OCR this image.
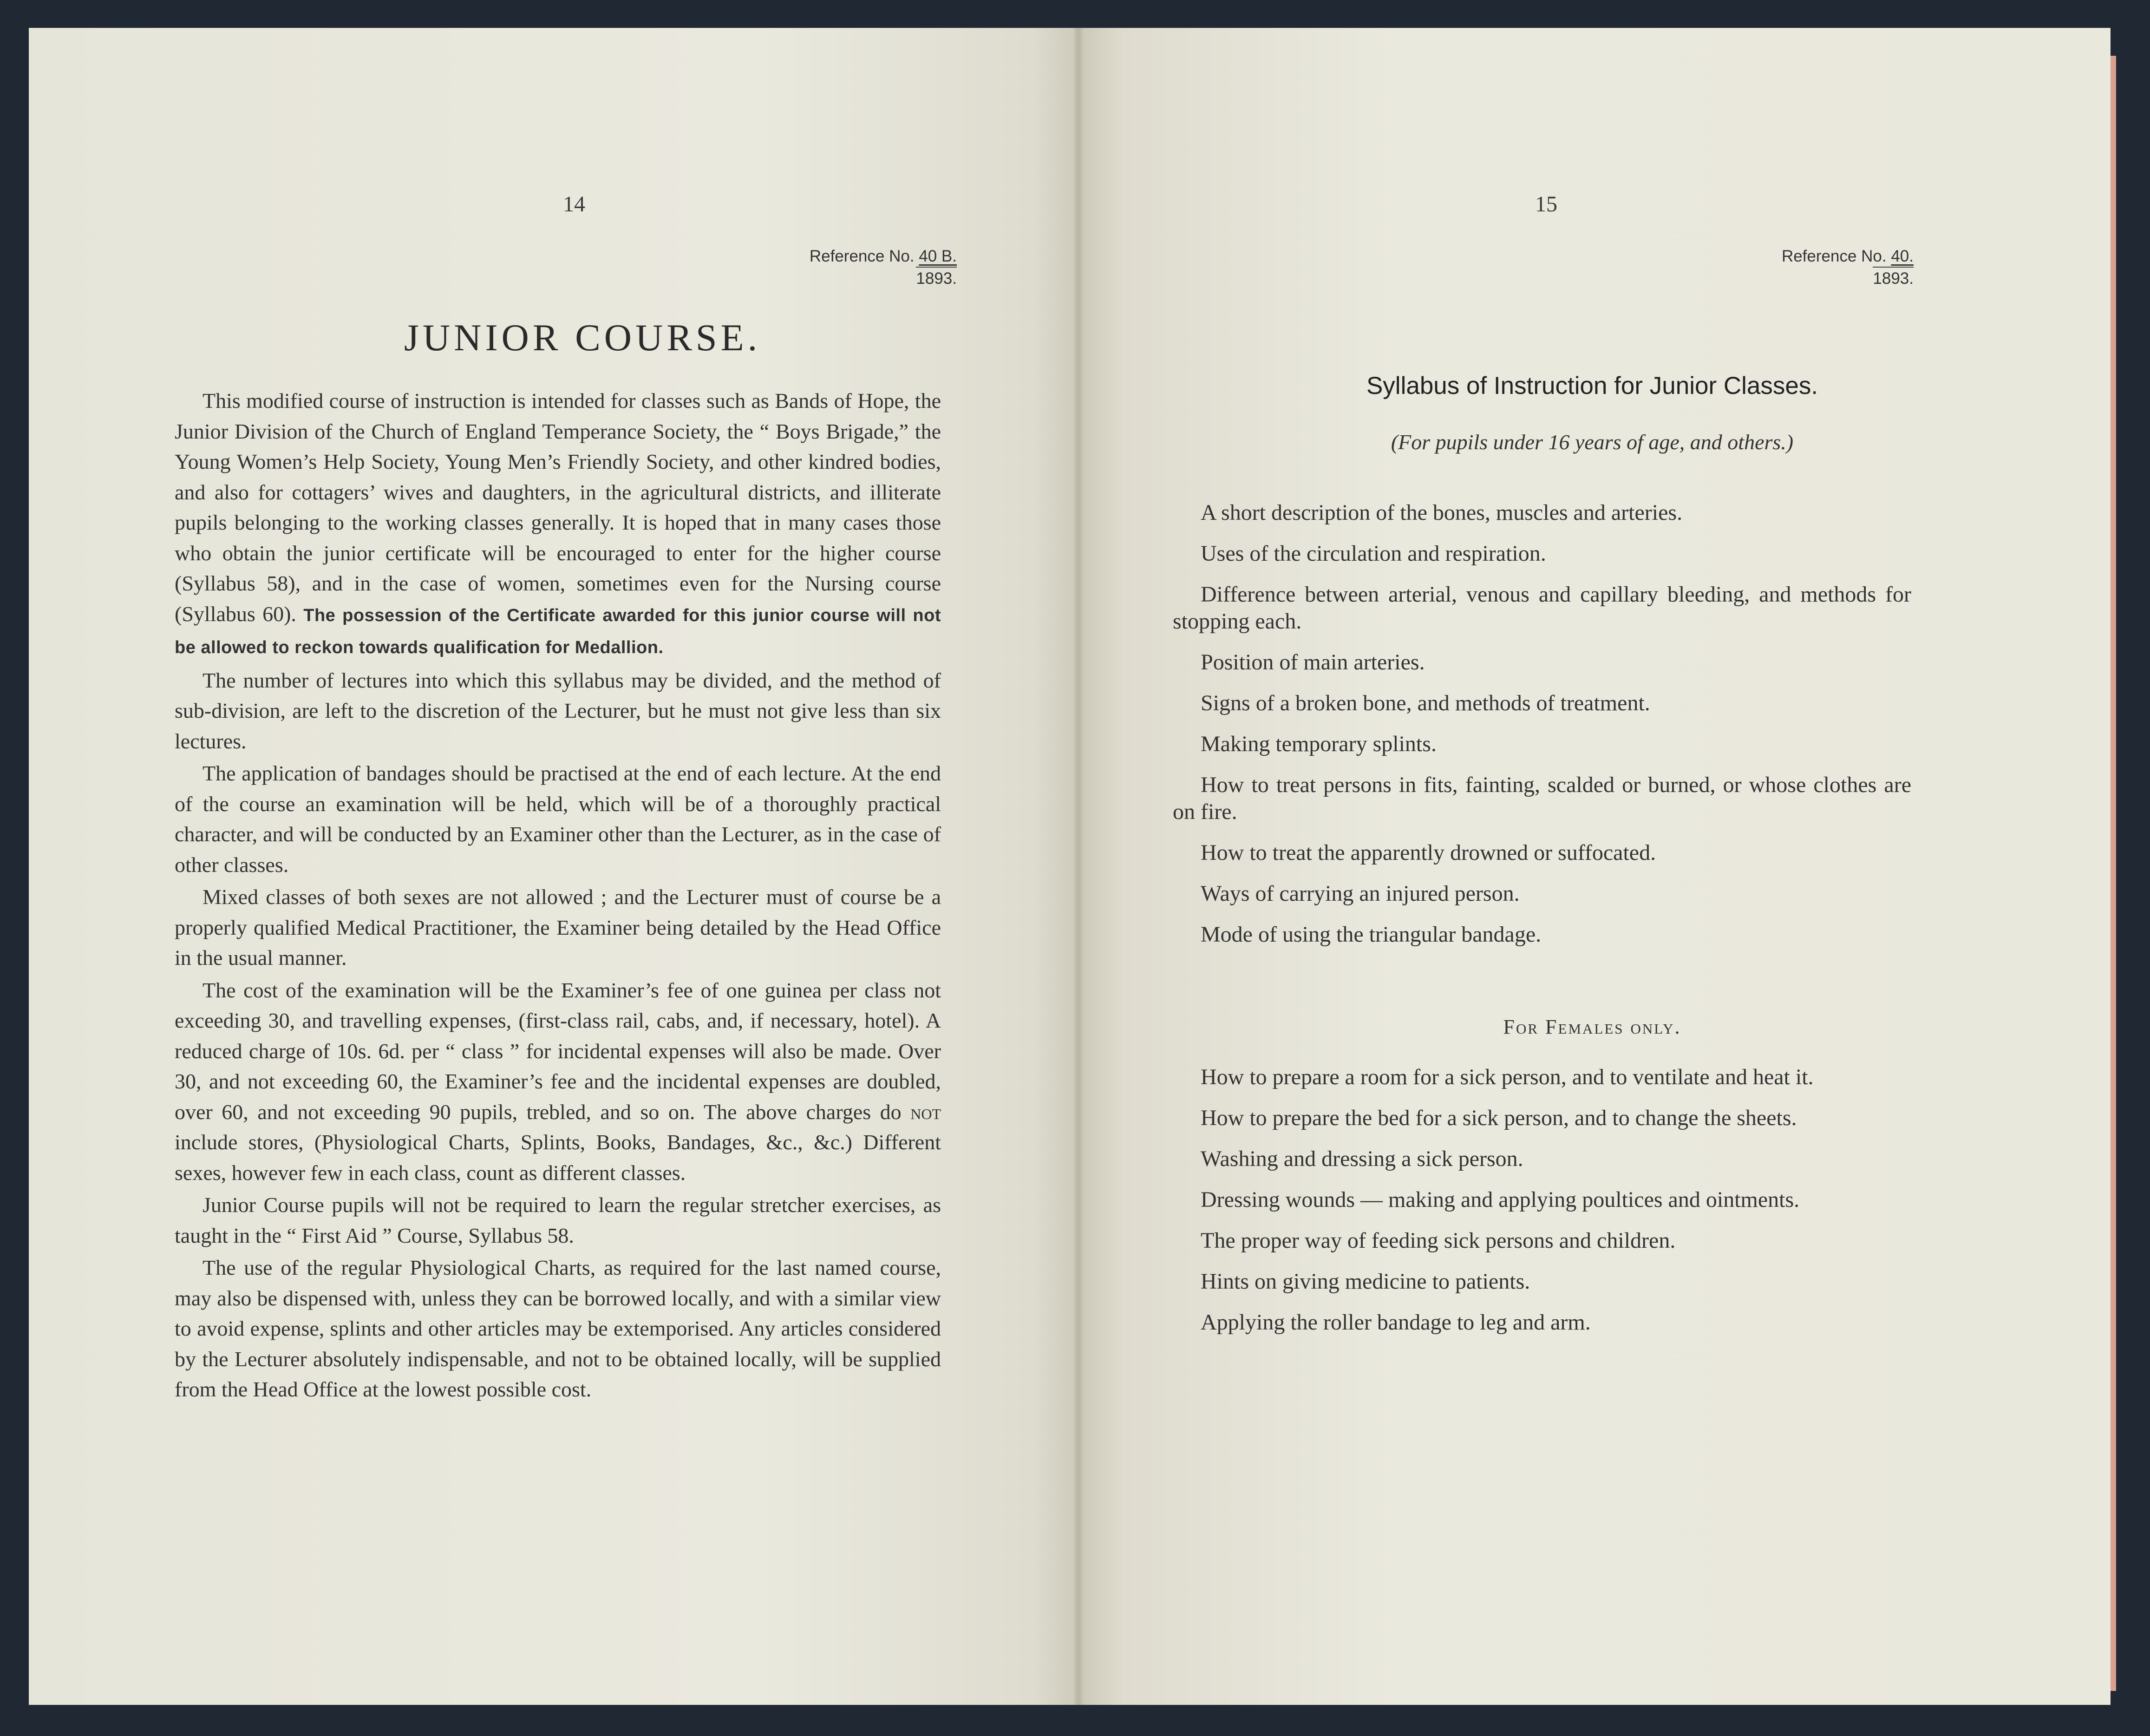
14
Reference No. 40 B.
1893.
JUNIOR COURSE.

This modified course of instruction is intended for classes such as Bands of Hope, the Junior Division of the Church of England Temperance Society, the “ Boys Brigade,” the Young Women’s Help Society, Young Men’s Friendly Society, and other kindred bodies, and also for cottagers’ wives and daughters, in the agricultural districts, and illiterate pupils belonging to the working classes generally. It is hoped that in many cases those who obtain the junior certificate will be encouraged to enter for the higher course (Syllabus 58), and in the case of women, sometimes even for the Nursing course (Syllabus 60). The possession of the Certificate awarded for this junior course will not be allowed to reckon towards qualification for Medallion.

The number of lectures into which this syllabus may be divided, and the method of sub-division, are left to the discretion of the Lecturer, but he must not give less than six lectures.

The application of bandages should be practised at the end of each lecture. At the end of the course an examination will be held, which will be of a thoroughly practical character, and will be conducted by an Examiner other than the Lecturer, as in the case of other classes.

Mixed classes of both sexes are not allowed ; and the Lecturer must of course be a properly qualified Medical Practitioner, the Examiner being detailed by the Head Office in the usual manner.

The cost of the examination will be the Examiner’s fee of one guinea per class not exceeding 30, and travelling expenses, (first-class rail, cabs, and, if necessary, hotel). A reduced charge of 10s. 6d. per “ class ” for incidental expenses will also be made. Over 30, and not exceeding 60, the Examiner’s fee and the incidental expenses are doubled, over 60, and not exceeding 90 pupils, trebled, and so on. The above charges do not include stores, (Physiological Charts, Splints, Books, Bandages, &c., &c.) Different sexes, however few in each class, count as different classes.

Junior Course pupils will not be required to learn the regular stretcher exercises, as taught in the “ First Aid ” Course, Syllabus 58.

The use of the regular Physiological Charts, as required for the last named course, may also be dispensed with, unless they can be borrowed locally, and with a similar view to avoid expense, splints and other articles may be extemporised. Any articles considered by the Lecturer absolutely indispensable, and not to be obtained locally, will be supplied from the Head Office at the lowest possible cost.

15
Reference No. 40.
1893.
Syllabus of Instruction for Junior Classes.
(For pupils under 16 years of age, and others.)
A short description of the bones, muscles and arteries.
Uses of the circulation and respiration.
Difference between arterial, venous and capillary bleeding, and methods for stopping each.
Position of main arteries.
Signs of a broken bone, and methods of treatment.
Making temporary splints.
How to treat persons in fits, fainting, scalded or burned, or whose clothes are on fire.
How to treat the apparently drowned or suffocated.
Ways of carrying an injured person.
Mode of using the triangular bandage.
For Females only.
How to prepare a room for a sick person, and to ventilate and heat it.
How to prepare the bed for a sick person, and to change the sheets.
Washing and dressing a sick person.
Dressing wounds — making and applying poultices and ointments.
The proper way of feeding sick persons and children.
Hints on giving medicine to patients.
Applying the roller bandage to leg and arm.
